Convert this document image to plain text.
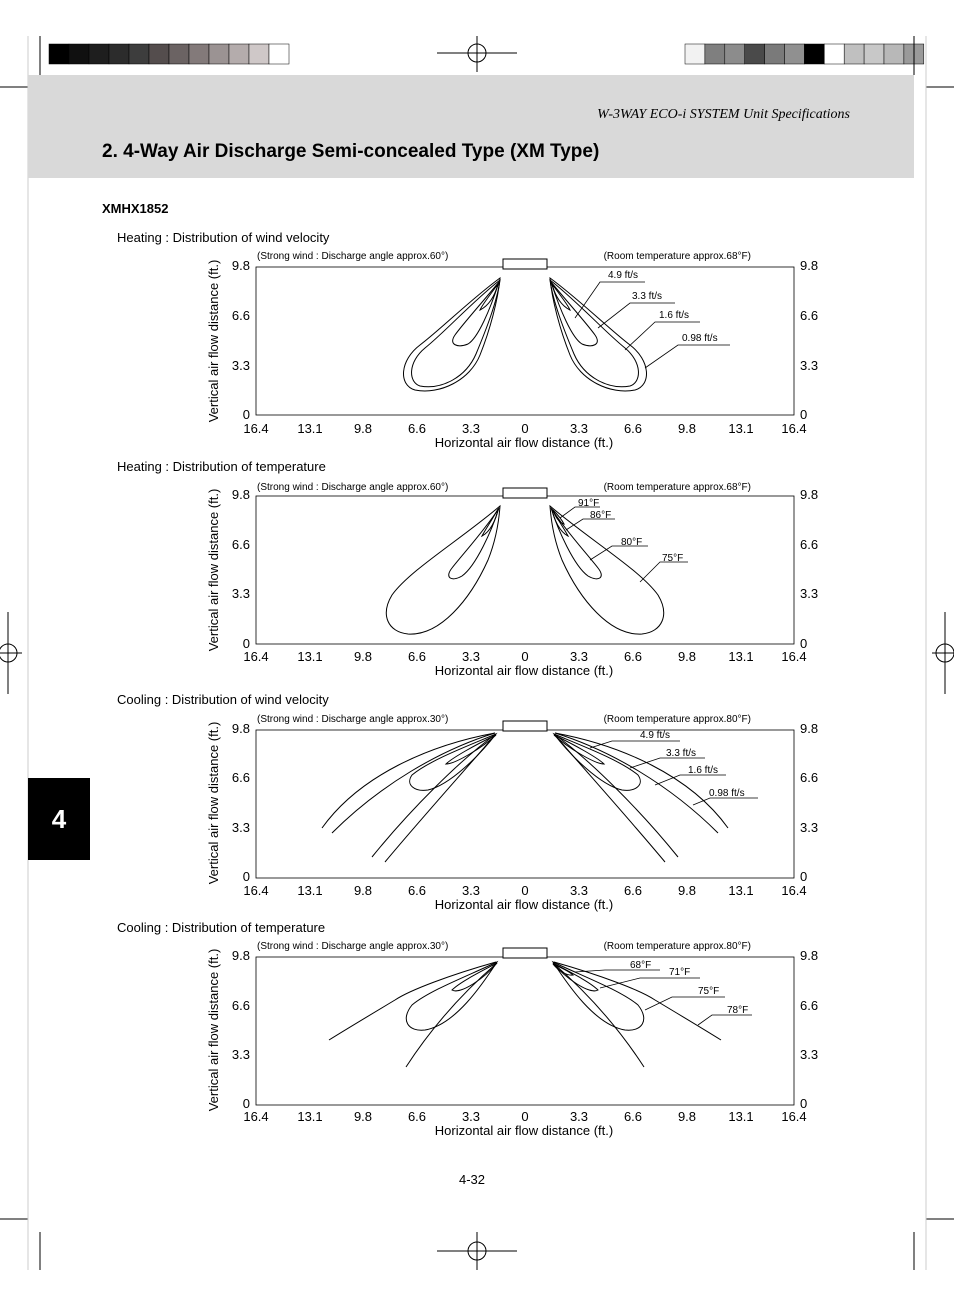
W-3WAY ECO-i SYSTEM Unit Specifications
2. 4-Way Air Discharge Semi-concealed Type (XM Type)
XMHX1852
4
4-32
Heating : Distribution of wind velocity
Heating : Distribution of temperature
Cooling : Distribution of wind velocity
Cooling : Distribution of temperature
(Strong wind : Discharge angle approx.60°)	(Room temperature approx.68°F)
9.8
6.6
3.3
0
9.8
6.6
3.3
0
16.4 13.1 9.8	6.6	3.3	0	3.3	6.6	9.8 13.1 16.4
Horizontal air flow distance (ft.)
Vertical air flow distance (ft.)	4.9 ft/s
3.3 ft/s
1.6 ft/s
0.98 ft/s
(Strong wind : Discharge angle approx.60°)	(Room temperature approx.68°F)
9.8
6.6
3.3
0
9.8
6.6
3.3
0
16.4 13.1 9.8	6.6	3.3	0	3.3	6.6	9.8 13.1 16.4
Horizontal air flow distance (ft.)
Vertical air flow distance (ft.)	91°F
86°F
80°F
75°F
(Strong wind : Discharge angle approx.30°)	(Room temperature approx.80°F)
9.8
6.6
3.3
0
9.8
6.6
3.3
0
16.4 13.1 9.8	6.6	3.3	0	3.3	6.6	9.8 13.1 16.4
Horizontal air flow distance (ft.)
Vertical air flow distance (ft.)	4.9 ft/s
3.3 ft/s
1.6 ft/s
0.98 ft/s
(Strong wind : Discharge angle approx.30°)	(Room temperature approx.80°F)
9.8
6.6
3.3
0
9.8
6.6
3.3
0
16.4 13.1 9.8	6.6	3.3	0	3.3	6.6	9.8 13.1 16.4
Horizontal air flow distance (ft.)
Vertical air flow distance (ft.)	68°F
71°F
75°F
78°F
